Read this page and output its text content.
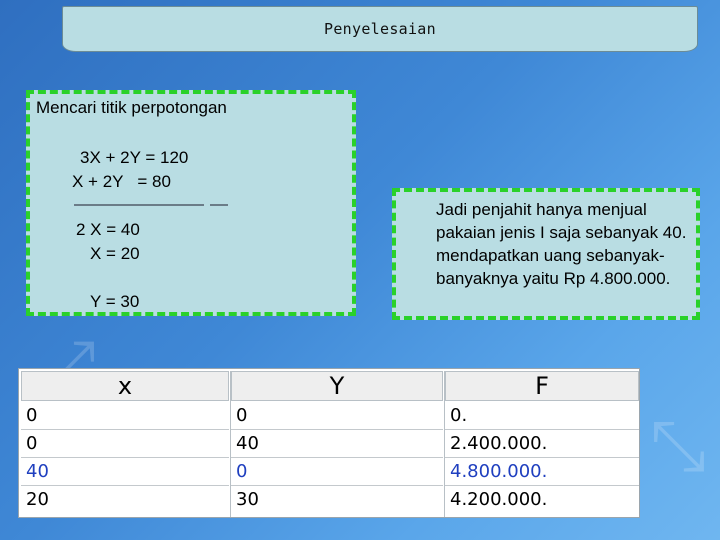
⤢
⤡
Penyelesaian
Mencari titik perpotongan
3X + 2Y = 120
X + 2Y   = 80
2 X = 40
X = 20
Y = 30
Jadi penjahit hanya menjual pakaian jenis I saja sebanyak 40. mendapatkan uang sebanyak-banyaknya yaitu Rp 4.800.000.
x	Y	F
0	0	0.
0	40	2.400.000.
40	0	4.800.000.
20	30	4.200.000.
